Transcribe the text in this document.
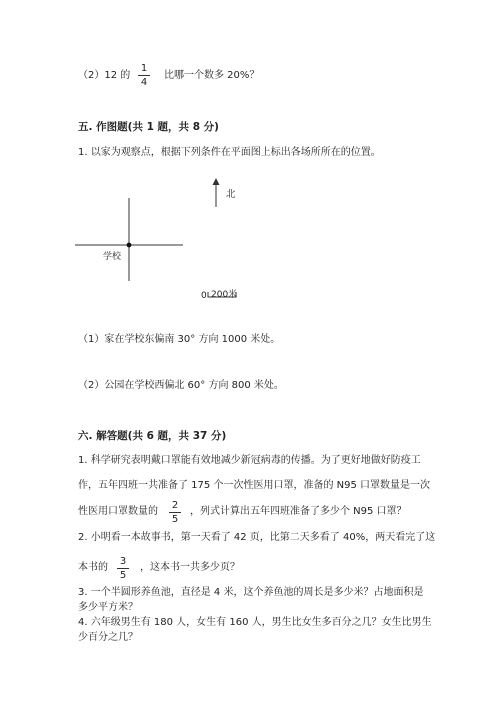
（2）12 的
1
4
比哪一个数多 20%？
五. 作图题(共 1 题，共 8 分)
1. 以家为观察点，根据下列条件在平面图上标出各场所所在的位置。
北
学校
0 200米
（1）家在学校东偏南 30° 方向 1000 米处。
（2）公园在学校西偏北 60° 方向 800 米处。
六. 解答题(共 6 题，共 37 分)
1. 科学研究表明戴口罩能有效地减少新冠病毒的传播。为了更好地做好防疫工
作，五年四班一共准备了 175 个一次性医用口罩，准备的 N95 口罩数量是一次
性医用口罩数量的
2
5
，列式计算出五年四班准备了多少个 N95 口罩？
2. 小明看一本故事书，第一天看了 42 页，比第二天多看了 40%，两天看完了这
本书的
3
5
，这本书一共多少页？
3. 一个半圆形养鱼池，直径是 4 米，这个养鱼池的周长是多少米？占地面积是
多少平方米？
4. 六年级男生有 180 人，女生有 160 人，男生比女生多百分之几？女生比男生
少百分之几？
